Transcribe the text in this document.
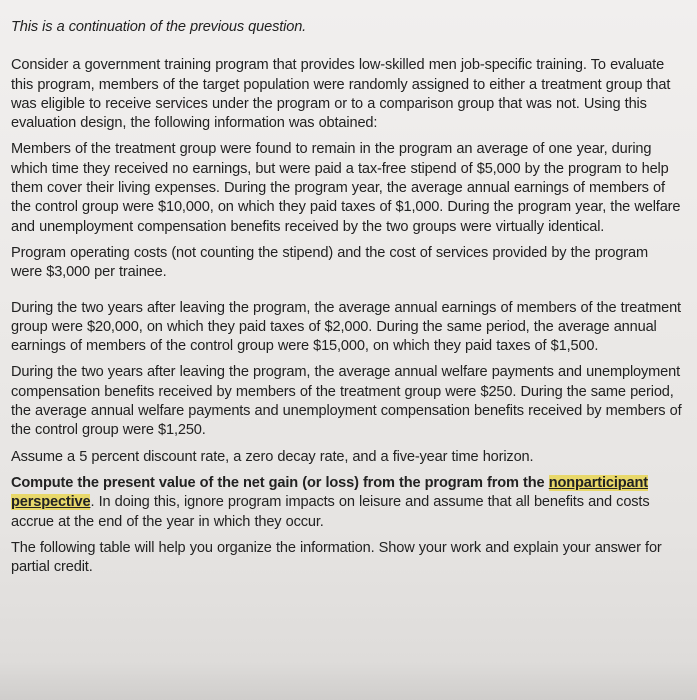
This is a continuation of the previous question.

Consider a government training program that provides low-skilled men job-specific training. To evaluate this program, members of the target population were randomly assigned to either a treatment group that was eligible to receive services under the program or to a comparison group that was not. Using this evaluation design, the following information was obtained:

Members of the treatment group were found to remain in the program an average of one year, during which time they received no earnings, but were paid a tax-free stipend of $5,000 by the program to help them cover their living expenses. During the program year, the average annual earnings of members of the control group were $10,000, on which they paid taxes of $1,000. During the program year, the welfare and unemployment compensation benefits received by the two groups were virtually identical.

Program operating costs (not counting the stipend) and the cost of services provided by the program were $3,000 per trainee.

During the two years after leaving the program, the average annual earnings of members of the treatment group were $20,000, on which they paid taxes of $2,000. During the same period, the average annual earnings of members of the control group were $15,000, on which they paid taxes of $1,500.

During the two years after leaving the program, the average annual welfare payments and unemployment compensation benefits received by members of the treatment group were $250. During the same period, the average annual welfare payments and unemployment compensation benefits received by members of the control group were $1,250.

Assume a 5 percent discount rate, a zero decay rate, and a five-year time horizon.

Compute the present value of the net gain (or loss) from the program from the nonparticipant perspective. In doing this, ignore program impacts on leisure and assume that all benefits and costs accrue at the end of the year in which they occur.

The following table will help you organize the information. Show your work and explain your answer for partial credit.
